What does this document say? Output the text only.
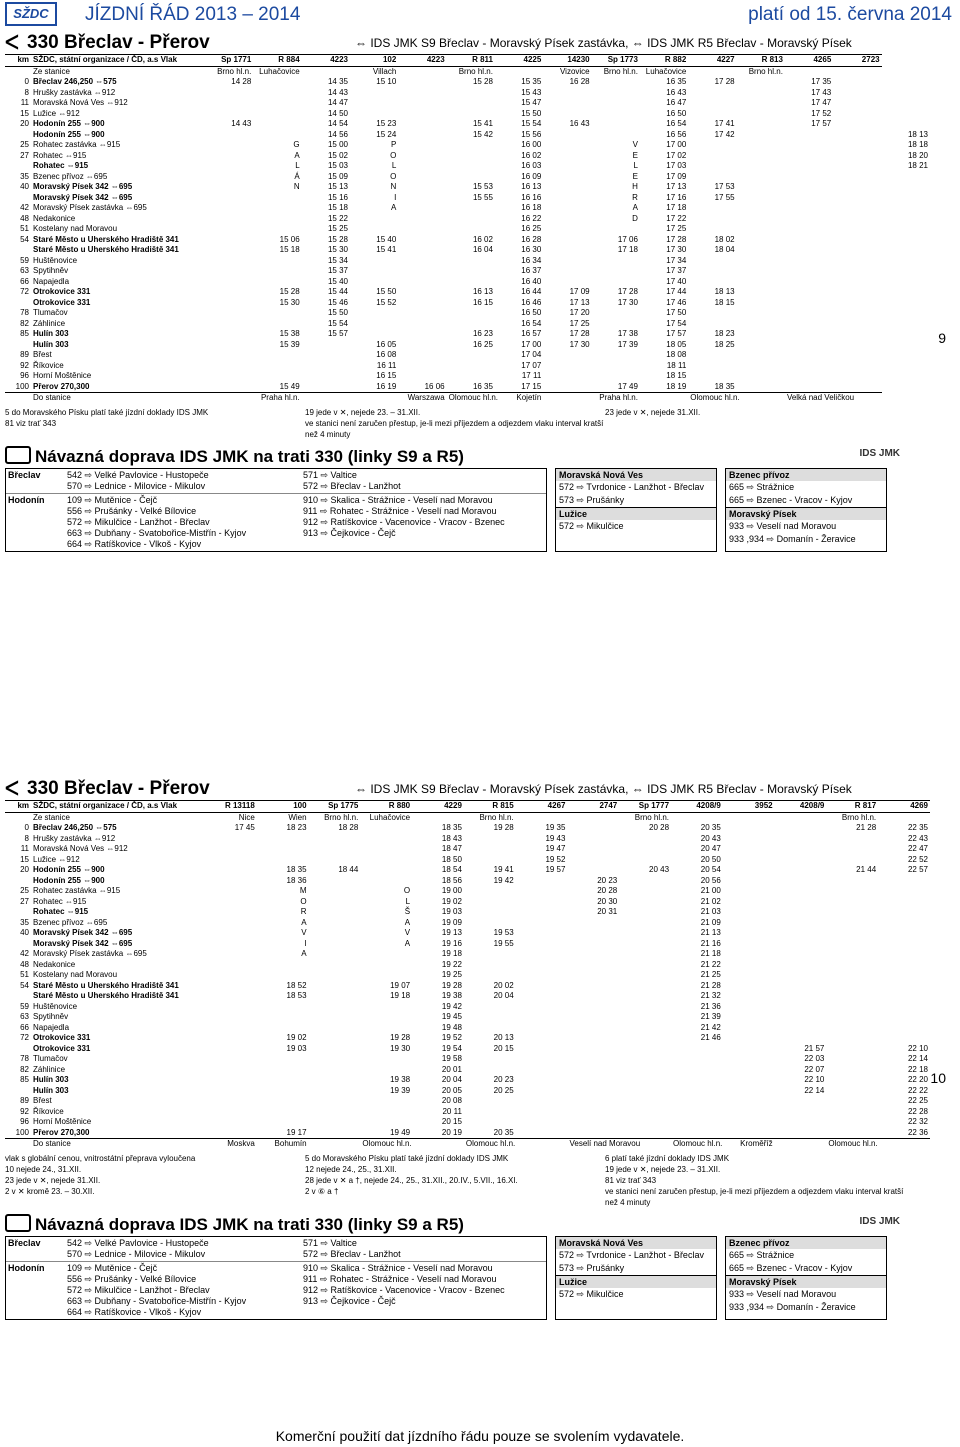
SŽDC	JÍZDNÍ ŘÁD 2013 – 2014	platí od 15. června 2014
ᐸ 330 Břeclav - Přerov	⇔ IDS JMK S9 Břeclav - Moravský Písek zastávka, ⇔ IDS JMK R5 Břeclav - Moravský Písek
km	SŽDC, státní organizace / ČD, a.s Vlak	Sp 1771	R 884	4223	102	4223	R 811	4225	14230	Sp 1773	R 882	4227	R 813	4265	2723	
	Ze stanice	Brno hl.n.	Luhačovice		Villach		Brno hl.n.		Vizovice	Brno hl.n.	Luhačovice		Brno hl.n.			
0	Břeclav 246,250 ⇔575	14 28		14 35	15 10		15 28	15 35	16 28		16 35	17 28		17 35		
8	Hrušky zastávka ⇔912			14 43				15 43			16 43			17 43		
11	Moravská Nová Ves ⇔912			14 47				15 47			16 47			17 47		
15	Lužice ⇔912			14 50				15 50			16 50			17 52		
20	Hodonín 255 ⇔900	14 43		14 54	15 23		15 41	15 54	16 43		16 54	17 41		17 57		
	Hodonín 255 ⇔900			14 56	15 24		15 42	15 56			16 56	17 42				18 13
25	Rohatec zastávka ⇔915		G	15 00	P			16 00		V	17 00					18 18
27	Rohatec ⇔915		A	15 02	O			16 02		E	17 02					18 20
	Rohatec ⇔915		L	15 03	L			16 03		L	17 03					18 21
35	Bzenec přívoz ⇔695		Á	15 09	O			16 09		E	17 09					
40	Moravský Písek 342 ⇔695		N	15 13	N		15 53	16 13		H	17 13	17 53				
	Moravský Písek 342 ⇔695			15 16	I		15 55	16 16		R	17 16	17 55				
42	Moravský Písek zastávka ⇔695			15 18	A			16 18		A	17 18					
48	Nedakonice			15 22				16 22		D	17 22					
51	Kostelany nad Moravou			15 25				16 25			17 25					
54	Staré Město u Uherského Hradiště 341		15 06	15 28	15 40		16 02	16 28		17 06	17 28	18 02				
	Staré Město u Uherského Hradiště 341		15 18	15 30	15 41		16 04	16 30		17 18	17 30	18 04				
59	Huštěnovice			15 34				16 34			17 34					
63	Spytihněv			15 37				16 37			17 37					
66	Napajedla			15 40				16 40			17 40					
72	Otrokovice 331		15 28	15 44	15 50		16 13	16 44	17 09	17 28	17 44	18 13				
	Otrokovice 331		15 30	15 46	15 52		16 15	16 46	17 13	17 30	17 46	18 15				
78	Tlumačov			15 50				16 50	17 20		17 50					
82	Záhlinice			15 54				16 54	17 25		17 54					
85	Hulín 303		15 38	15 57			16 23	16 57	17 28	17 38	17 57	18 23				
	Hulín 303		15 39		16 05		16 25	17 00	17 30	17 39	18 05	18 25				
89	Břest				16 08			17 04			18 08					
92	Říkovice				16 11			17 07			18 11					
96	Horní Moštěnice				16 15			17 11			18 15					
100	Přerov 270,300		15 49		16 19	16 06	16 35	17 15		17 49	18 19	18 35				
	Do stanice		Praha hl.n.			Warszawa	Olomouc hl.n.	Kojetín		Praha hl.n.		Olomouc hl.n.		Velká nad Veličkou		
5 do Moravského Písku platí také jízdní doklady IDS JMK	19 jede v ✕, nejede 23. – 31.XII.	23 jede v ✕, nejede 31.XII.81 viz trať 343	ve stanici není zaručen přestup, je-li mezi příjezdem a odjezdem vlaku interval kratší než 4 minuty
Návazná doprava IDS JMK na trati 330 (linky S9 a R5)	IDS JMK
Břeclav	542 ⇨ Velké Pavlovice - Hustopeče
570 ⇨ Lednice - Milovice - Mikulov
571 ⇨ Valtice
572 ⇨ Břeclav - Lanžhot
Hodonín	109 ⇨ Mutěnice - Čejč
556 ⇨ Prušánky - Velké Bílovice
572 ⇨ Mikulčice - Lanžhot - Břeclav
663 ⇨ Dubňany - Svatobořice-Mistřín - Kyjov
664 ⇨ Ratíškovice - Vlkoš - Kyjov
910 ⇨ Skalica - Strážnice - Veselí nad Moravou
911 ⇨ Rohatec - Strážnice - Veselí nad Moravou
912 ⇨ Ratíškovice - Vacenovice - Vracov - Bzenec
913 ⇨ Čejkovice - Čejč
Moravská Nová Ves
572 ⇨ Tvrdonice - Lanžhot - Břeclav
573 ⇨ Prušánky
Lužice
572 ⇨ Mikulčice
Bzenec přívoz
665 ⇨ Strážnice
665 ⇨ Bzenec - Vracov - Kyjov
Moravský Písek
933 ⇨ Veselí nad Moravou
933 ,934 ⇨ Domanín - Žeravice
ᐸ 330 Břeclav - Přerov	⇔ IDS JMK S9 Břeclav - Moravský Písek zastávka, ⇔ IDS JMK R5 Břeclav - Moravský Písek
km	SŽDC, státní organizace / ČD, a.s Vlak	R 13118	100	Sp 1775	R 880	4229	R 815	4267	2747	Sp 1777	4208/9	3952	4208/9	R 817	4269
	Ze stanice	Nice	Wien	Brno hl.n.	Luhačovice		Brno hl.n.			Brno hl.n.				Brno hl.n.	
0	Břeclav 246,250 ⇔575	17 45	18 23	18 28		18 35	19 28	19 35		20 28	20 35			21 28	22 35
8	Hrušky zastávka ⇔912					18 43		19 43			20 43				22 43
11	Moravská Nová Ves ⇔912					18 47		19 47			20 47				22 47
15	Lužice ⇔912					18 50		19 52			20 50				22 52
20	Hodonín 255 ⇔900		18 35	18 44		18 54	19 41	19 57		20 43	20 54			21 44	22 57
	Hodonín 255 ⇔900		18 36			18 56	19 42		20 23		20 56				
25	Rohatec zastávka ⇔915		M		O	19 00			20 28		21 00				
27	Rohatec ⇔915		O		L	19 02			20 30		21 02				
	Rohatec ⇔915		R		Š	19 03			20 31		21 03				
35	Bzenec přívoz ⇔695		A		A	19 09					21 09				
40	Moravský Písek 342 ⇔695		V		V	19 13	19 53				21 13				
	Moravský Písek 342 ⇔695		I		A	19 16	19 55				21 16				
42	Moravský Písek zastávka ⇔695		A			19 18					21 18				
48	Nedakonice					19 22					21 22				
51	Kostelany nad Moravou					19 25					21 25				
54	Staré Město u Uherského Hradiště 341		18 52		19 07	19 28	20 02				21 28				
	Staré Město u Uherského Hradiště 341		18 53		19 18	19 38	20 04				21 32				
59	Huštěnovice					19 42					21 36				
63	Spytihněv					19 45					21 39				
66	Napajedla					19 48					21 42				
72	Otrokovice 331		19 02		19 28	19 52	20 13				21 46				
	Otrokovice 331		19 03		19 30	19 54	20 15						21 57		22 10
78	Tlumačov					19 58							22 03		22 14
82	Záhlinice					20 01							22 07		22 18
85	Hulín 303				19 38	20 04	20 23						22 10		22 20
	Hulín 303				19 39	20 05	20 25						22 14		22 22
89	Břest					20 08									22 25
92	Říkovice					20 11									22 28
96	Horní Moštěnice					20 15									22 32
100	Přerov 270,300		19 17		19 49	20 19	20 35								22 36
	Do stanice	Moskva	Bohumín		Olomouc hl.n.		Olomouc hl.n.		Veselí nad Moravou		Olomouc hl.n.	Kroměříž		Olomouc hl.n.	
vlak s globální cenou, vnitrostátní přeprava vyloučena	5 do Moravského Písku platí také jízdní doklady IDS JMK	6 platí také jízdní doklady IDS JMK10 nejede 24., 31.XII.	12 nejede 24., 25., 31.XII.	19 jede v ✕, nejede 23. – 31.XII.23 jede v ✕, nejede 31.XII.	28 jede v ✕ a †, nejede 24., 25., 31.XII., 20.IV., 5.VII., 16.XI.	81 viz trať 3432 v ✕ kromě 23. – 30.XII.	2 v ⑥ a †	ve stanici není zaručen přestup, je-li mezi příjezdem a odjezdem vlaku interval kratší než 4 minuty
Návazná doprava IDS JMK na trati 330 (linky S9 a R5)	IDS JMK
Břeclav	542 ⇨ Velké Pavlovice - Hustopeče
570 ⇨ Lednice - Milovice - Mikulov
571 ⇨ Valtice
572 ⇨ Břeclav - Lanžhot
Hodonín	109 ⇨ Mutěnice - Čejč
556 ⇨ Prušánky - Velké Bílovice
572 ⇨ Mikulčice - Lanžhot - Břeclav
663 ⇨ Dubňany - Svatobořice-Mistřín - Kyjov
664 ⇨ Ratíškovice - Vlkoš - Kyjov
910 ⇨ Skalica - Strážnice - Veselí nad Moravou
911 ⇨ Rohatec - Strážnice - Veselí nad Moravou
912 ⇨ Ratíškovice - Vacenovice - Vracov - Bzenec
913 ⇨ Čejkovice - Čejč
Moravská Nová Ves
572 ⇨ Tvrdonice - Lanžhot - Břeclav
573 ⇨ Prušánky
Lužice
572 ⇨ Mikulčice
Bzenec přívoz
665 ⇨ Strážnice
665 ⇨ Bzenec - Vracov - Kyjov
Moravský Písek
933 ⇨ Veselí nad Moravou
933 ,934 ⇨ Domanín - Žeravice
9
10
Komerční použití dat jízdního řádu pouze se svolením vydavatele.
